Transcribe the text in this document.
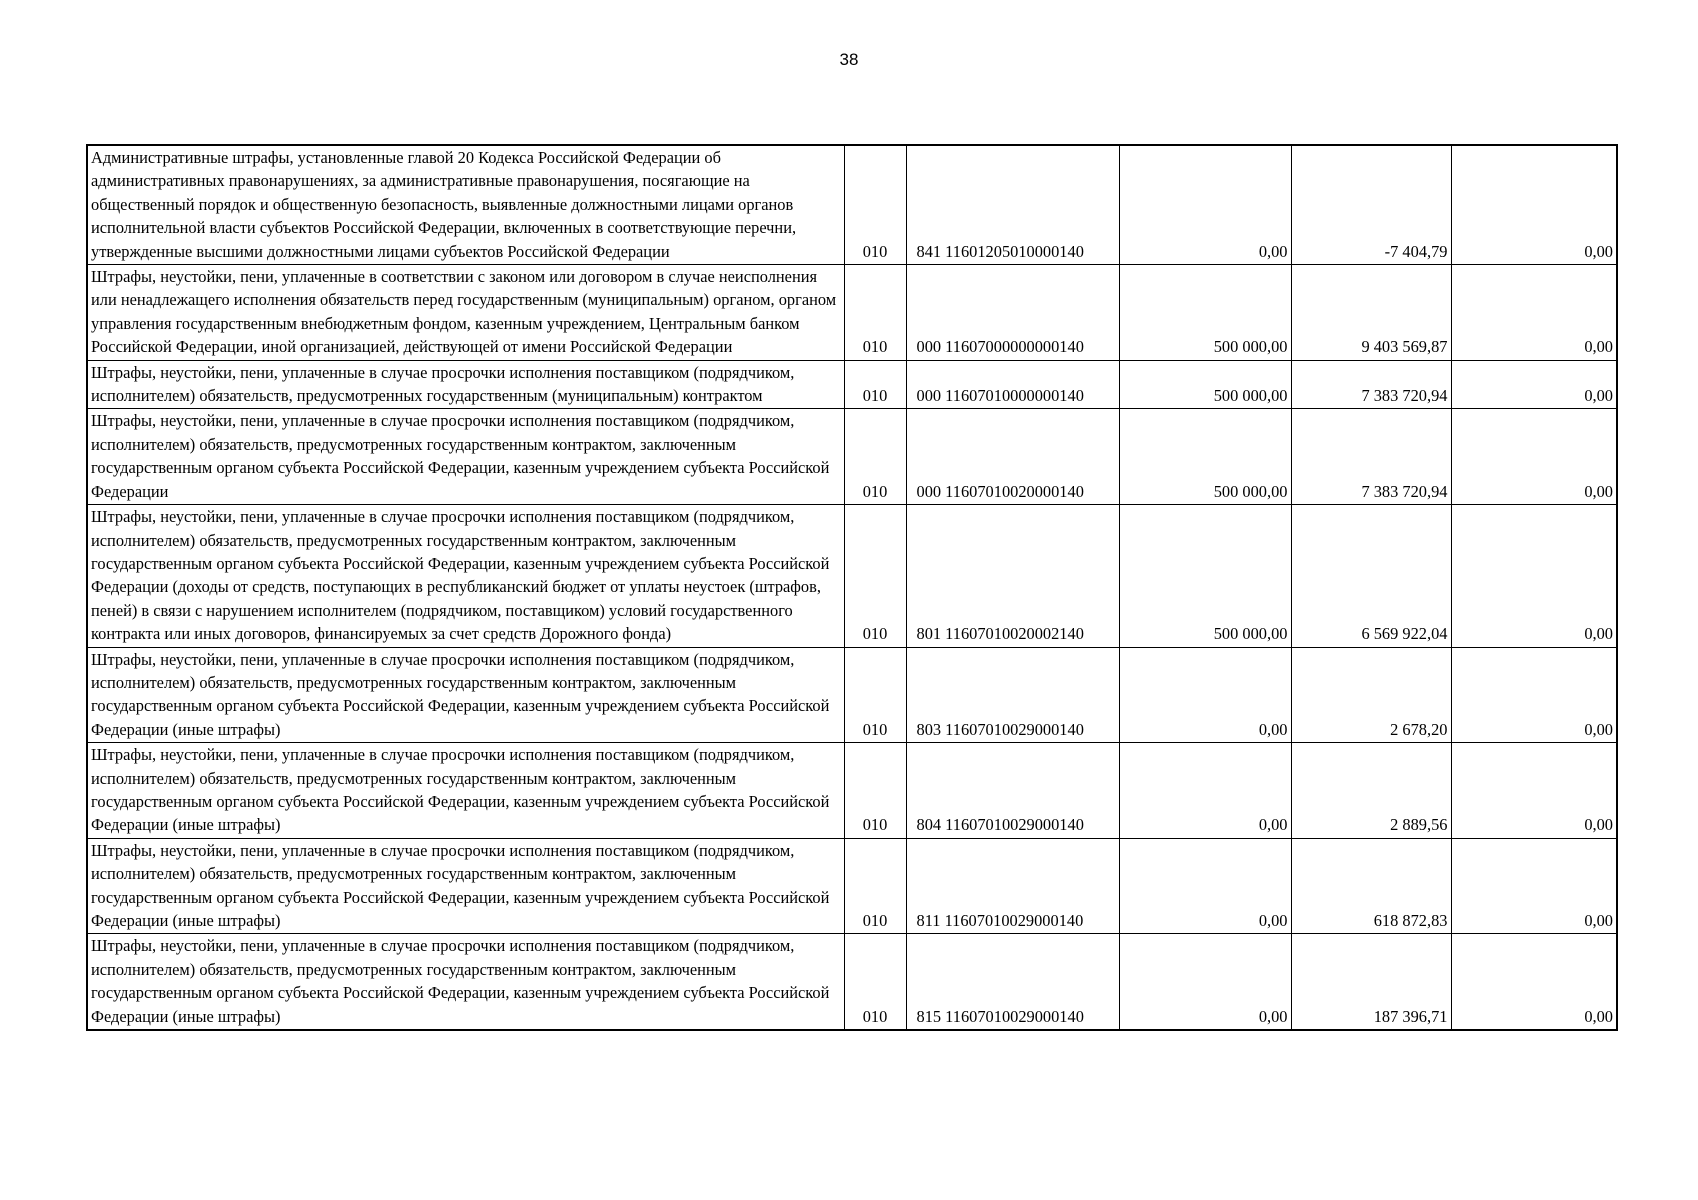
38
Административные штрафы, установленные главой 20 Кодекса Российской Федерации об административных правонарушениях, за административные правонарушения, посягающие на общественный порядок и общественную безопасность, выявленные должностными лицами органов исполнительной власти субъектов Российской Федерации, включенных в соответствующие перечни, утвержденные высшими должностными лицами субъектов Российской Федерации	010	841 11601205010000140	0,00	-7 404,79	0,00
Штрафы, неустойки, пени, уплаченные в соответствии с законом или договором в случае неисполнения или ненадлежащего исполнения обязательств перед государственным (муниципальным) органом, органом управления государственным внебюджетным фондом, казенным учреждением, Центральным банком Российской Федерации, иной организацией, действующей от имени Российской Федерации	010	000 11607000000000140	500 000,00	9 403 569,87	0,00
Штрафы, неустойки, пени, уплаченные в случае просрочки исполнения поставщиком (подрядчиком, исполнителем) обязательств, предусмотренных государственным (муниципальным) контрактом	010	000 11607010000000140	500 000,00	7 383 720,94	0,00
Штрафы, неустойки, пени, уплаченные в случае просрочки исполнения поставщиком (подрядчиком, исполнителем) обязательств, предусмотренных государственным контрактом, заключенным государственным органом субъекта Российской Федерации, казенным учреждением субъекта Российской Федерации	010	000 11607010020000140	500 000,00	7 383 720,94	0,00
Штрафы, неустойки, пени, уплаченные в случае просрочки исполнения поставщиком (подрядчиком, исполнителем) обязательств, предусмотренных государственным контрактом, заключенным государственным органом субъекта Российской Федерации, казенным учреждением субъекта Российской Федерации (доходы от средств, поступающих в республиканский бюджет от уплаты неустоек (штрафов, пеней) в связи с нарушением исполнителем (подрядчиком, поставщиком) условий государственного контракта или иных договоров, финансируемых за счет средств Дорожного фонда)	010	801 11607010020002140	500 000,00	6 569 922,04	0,00
Штрафы, неустойки, пени, уплаченные в случае просрочки исполнения поставщиком (подрядчиком, исполнителем) обязательств, предусмотренных государственным контрактом, заключенным государственным органом субъекта Российской Федерации, казенным учреждением субъекта Российской Федерации (иные штрафы)	010	803 11607010029000140	0,00	2 678,20	0,00
Штрафы, неустойки, пени, уплаченные в случае просрочки исполнения поставщиком (подрядчиком, исполнителем) обязательств, предусмотренных государственным контрактом, заключенным государственным органом субъекта Российской Федерации, казенным учреждением субъекта Российской Федерации (иные штрафы)	010	804 11607010029000140	0,00	2 889,56	0,00
Штрафы, неустойки, пени, уплаченные в случае просрочки исполнения поставщиком (подрядчиком, исполнителем) обязательств, предусмотренных государственным контрактом, заключенным государственным органом субъекта Российской Федерации, казенным учреждением субъекта Российской Федерации (иные штрафы)	010	811 11607010029000140	0,00	618 872,83	0,00
Штрафы, неустойки, пени, уплаченные в случае просрочки исполнения поставщиком (подрядчиком, исполнителем) обязательств, предусмотренных государственным контрактом, заключенным государственным органом субъекта Российской Федерации, казенным учреждением субъекта Российской Федерации (иные штрафы)	010	815 11607010029000140	0,00	187 396,71	0,00
